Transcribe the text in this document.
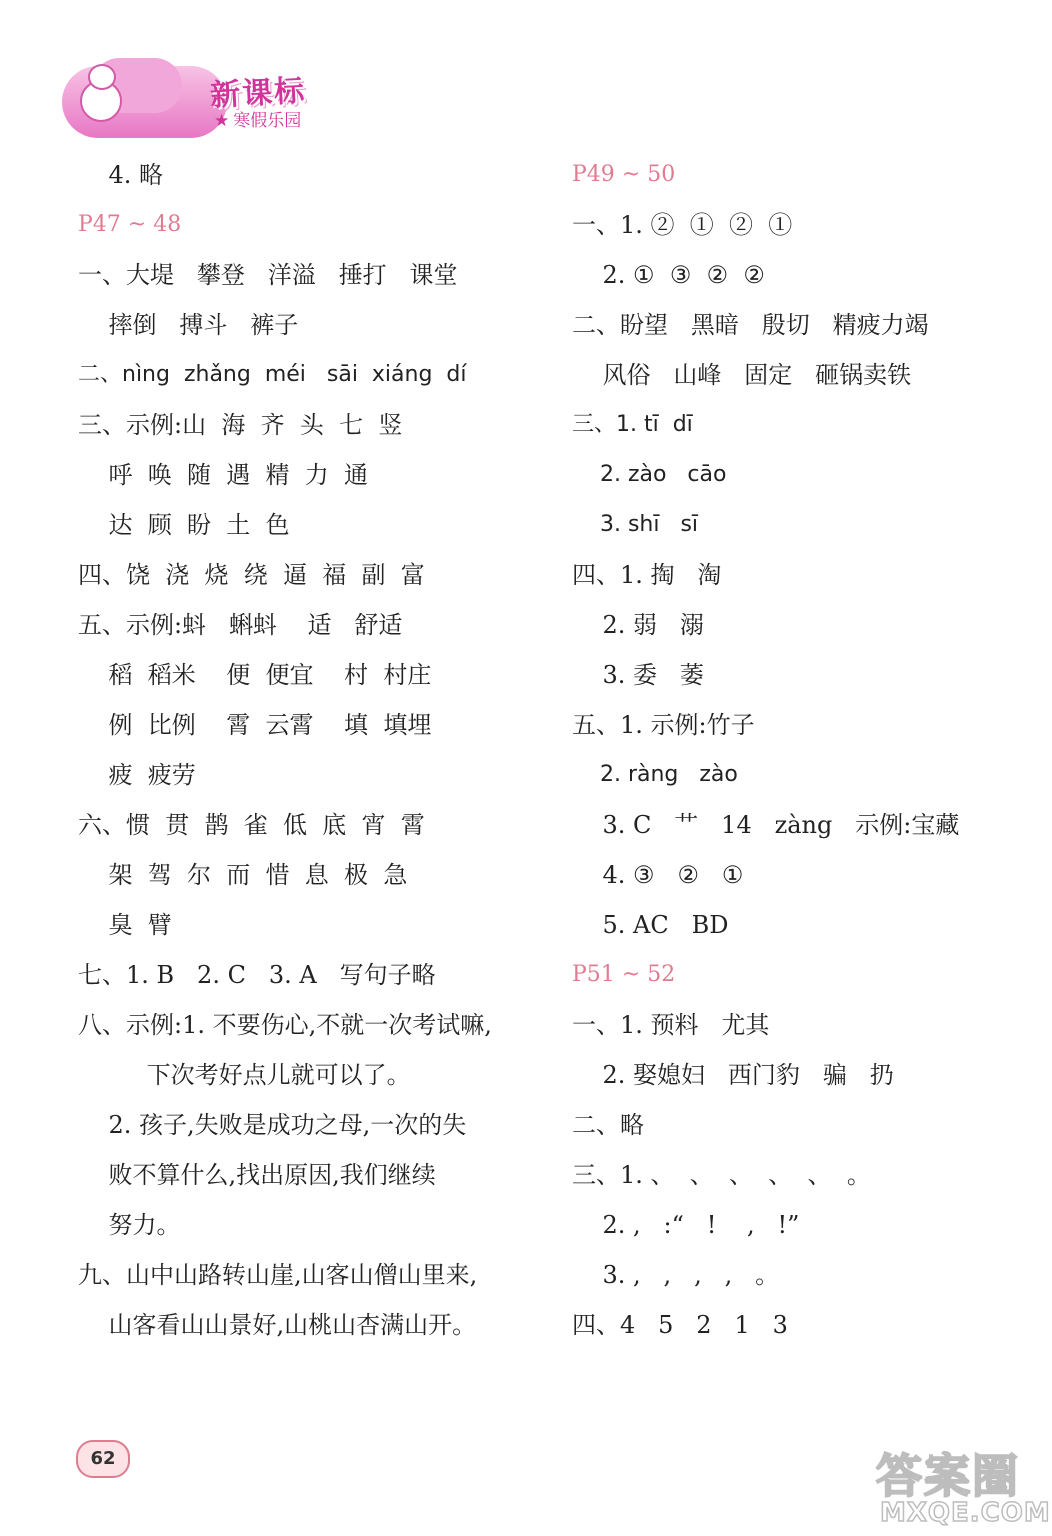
新课标
★ 寒假乐园
4. 略
P47 ~ 48
一、大堤   攀登   洋溢   捶打   课堂
摔倒   搏斗   裤子
二、nìng  zhǎng  méi   sāi  xiáng  dí
三、示例:山  海  齐  头  七  竖
呼  唤  随  遇  精  力  通
达  顾  盼  土  色
四、饶  浇  烧  绕  逼  福  副  富
五、示例:蚪   蝌蚪    适   舒适
稻  稻米    便  便宜    村  村庄
例  比例    霄  云霄    填  填埋
疲  疲劳
六、惯  贯  鹊  雀  低  底  宵  霄
架  驾  尔  而  惜  息  极  急
臭  臂
七、1. B   2. C   3. A   写句子略
八、示例:1. 不要伤心,不就一次考试嘛,
下次考好点儿就可以了。
2. 孩子,失败是成功之母,一次的失
败不算什么,找出原因,我们继续
努力。
九、山中山路转山崖,山客山僧山里来,
山客看山山景好,山桃山杏满山开。
P49 ~ 50
一、1. ②  ①  ②  ①
2. ①  ③  ②  ②
二、盼望   黑暗   殷切   精疲力竭
风俗   山峰   固定   砸锅卖铁
三、1. tī  dī
2. zào   cāo
3. shī   sī
四、1. 掏   淘
2. 弱   溺
3. 委   萎
五、1. 示例:竹子
2. ràng   zào
3. C   艹   14   zàng   示例:宝藏
4. ③   ②   ①
5. AC   BD
P51 ~ 52
一、1. 预料   尤其
2. 娶媳妇   西门豹   骗   扔
二、略
三、1. 、  、  、  、  、  。
2. ,   :“   !    ,   !”
3. ,   ,   ,   ,   。
四、4   5   2   1   3
62	答案圈
MXQE.COM
